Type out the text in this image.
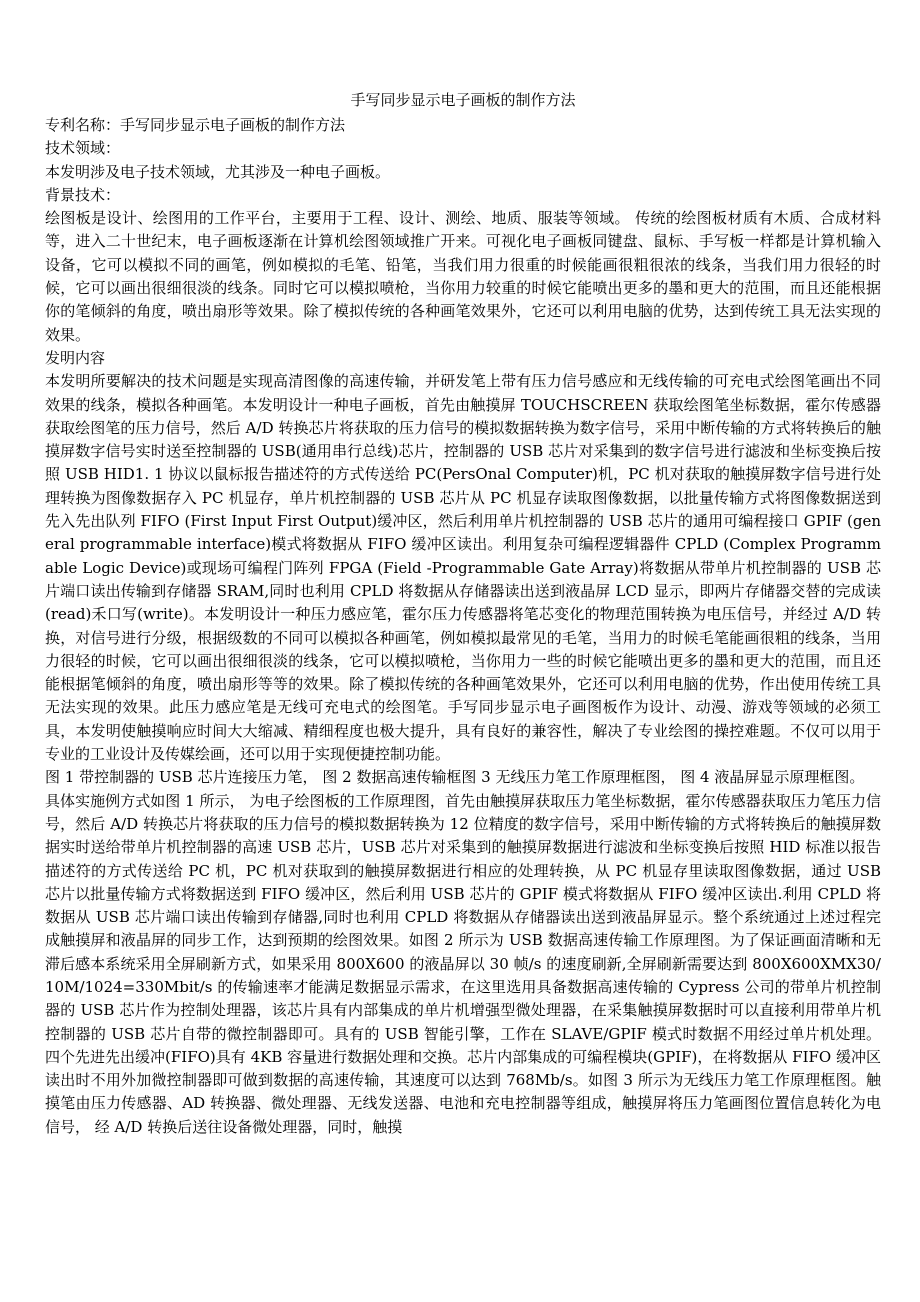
手写同步显示电子画板的制作方法

专利名称：手写同步显示电子画板的制作方法

技术领域：

本发明涉及电子技术领域，尤其涉及一种电子画板。

背景技术：

绘图板是设计、绘图用的工作平台，主要用于工程、设计、测绘、地质、服装等领域。 传统的绘图板材质有木质、合成材料等，进入二十世纪末，电子画板逐渐在计算机绘图领域推广开来。可视化电子画板同键盘、鼠标、手写板一样都是计算机输入设备，它可以模拟不同的画笔，例如模拟的毛笔、铅笔，当我们用力很重的时候能画很粗很浓的线条，当我们用力很轻的时候，它可以画出很细很淡的线条。同时它可以模拟喷枪，当你用力较重的时候它能喷出更多的墨和更大的范围，而且还能根据你的笔倾斜的角度，喷出扇形等效果。除了模拟传统的各种画笔效果外，它还可以利用电脑的优势，达到传统工具无法实现的效果。

发明内容

本发明所要解决的技术问题是实现高清图像的高速传输，并研发笔上带有压力信号感应和无线传输的可充电式绘图笔画出不同效果的线条，模拟各种画笔。本发明设计一种电子画板，首先由触摸屏 TOUCHSCREEN 获取绘图笔坐标数据，霍尔传感器获取绘图笔的压力信号，然后 A/D 转换芯片将获取的压力信号的模拟数据转换为数字信号，采用中断传输的方式将转换后的触摸屏数字信号实时送至控制器的 USB(通用串行总线)芯片，控制器的 USB 芯片对采集到的数字信号进行滤波和坐标变换后按照 USB HID1. 1 协议以鼠标报告描述符的方式传送给 PC(PersOnal Computer)机，PC 机对获取的触摸屏数字信号进行处理转换为图像数据存入 PC 机显存，单片机控制器的 USB 芯片从 PC 机显存读取图像数据，以批量传输方式将图像数据送到先入先出队列 FIFO (First Input First Output)缓冲区，然后利用单片机控制器的 USB 芯片的通用可编程接口 GPIF (general programmable interface)模式将数据从 FIFO 缓冲区读出。利用复杂可编程逻辑器件 CPLD (Complex Programmable Logic Device)或现场可编程门阵列 FPGA (Field -Programmable Gate Array)将数据从带单片机控制器的 USB 芯片端口读出传输到存储器 SRAM,同时也利用 CPLD 将数据从存储器读出送到液晶屏 LCD 显示，即两片存储器交替的完成读(read)禾口写(write)。本发明设计一种压力感应笔，霍尔压力传感器将笔芯变化的物理范围转换为电压信号，并经过 A/D 转换，对信号进行分级，根据级数的不同可以模拟各种画笔，例如模拟最常见的毛笔，当用力的时候毛笔能画很粗的线条，当用力很轻的时候，它可以画出很细很淡的线条，它可以模拟喷枪，当你用力一些的时候它能喷出更多的墨和更大的范围，而且还能根据笔倾斜的角度，喷出扇形等等的效果。除了模拟传统的各种画笔效果外，它还可以利用电脑的优势，作出使用传统工具无法实现的效果。此压力感应笔是无线可充电式的绘图笔。手写同步显示电子画图板作为设计、动漫、游戏等领域的必须工具，本发明使触摸响应时间大大缩减、精细程度也极大提升，具有良好的兼容性，解决了专业绘图的操控难题。不仅可以用于专业的工业设计及传媒绘画，还可以用于实现便捷控制功能。

图 1 带控制器的 USB 芯片连接压力笔， 图 2 数据高速传输框图 3 无线压力笔工作原理框图， 图 4 液晶屏显示原理框图。

具体实施例方式如图 1 所示， 为电子绘图板的工作原理图，首先由触摸屏获取压力笔坐标数据，霍尔传感器获取压力笔压力信号，然后 A/D 转换芯片将获取的压力信号的模拟数据转换为 12 位精度的数字信号，采用中断传输的方式将转换后的触摸屏数据实时送给带单片机控制器的高速 USB 芯片，USB 芯片对采集到的触摸屏数据进行滤波和坐标变换后按照 HID 标准以报告描述符的方式传送给 PC 机，PC 机对获取到的触摸屏数据进行相应的处理转换，从 PC 机显存里读取图像数据，通过 USB 芯片以批量传输方式将数据送到 FIFO 缓冲区，然后利用 USB 芯片的 GPIF 模式将数据从 FIFO 缓冲区读出.利用 CPLD 将数据从 USB 芯片端口读出传输到存储器,同时也利用 CPLD 将数据从存储器读出送到液晶屏显示。整个系统通过上述过程完成触摸屏和液晶屏的同步工作，达到预期的绘图效果。如图 2 所示为 USB 数据高速传输工作原理图。为了保证画面清晰和无滞后感本系统采用全屏刷新方式，如果采用 800X600 的液晶屏以 30 帧/s 的速度刷新,全屏刷新需要达到 800X600XMX30/10M/1024=330Mbit/s 的传输速率才能满足数据显示需求，在这里选用具备数据高速传输的 Cypress 公司的带单片机控制器的 USB 芯片作为控制处理器，该芯片具有内部集成的单片机增强型微处理器，在采集触摸屏数据时可以直接利用带单片机控制器的 USB 芯片自带的微控制器即可。具有的 USB 智能引擎，工作在 SLAVE/GPIF 模式时数据不用经过单片机处理。四个先进先出缓冲(FIFO)具有 4KB 容量进行数据处理和交换。芯片内部集成的可编程模块(GPIF)，在将数据从 FIFO 缓冲区读出时不用外加微控制器即可做到数据的高速传输，其速度可以达到 768Mb/s。如图 3 所示为无线压力笔工作原理框图。触摸笔由压力传感器、AD 转换器、微处理器、无线发送器、电池和充电控制器等组成，触摸屏将压力笔画图位置信息转化为电信号， 经 A/D 转换后送往设备微处理器，同时，触摸
